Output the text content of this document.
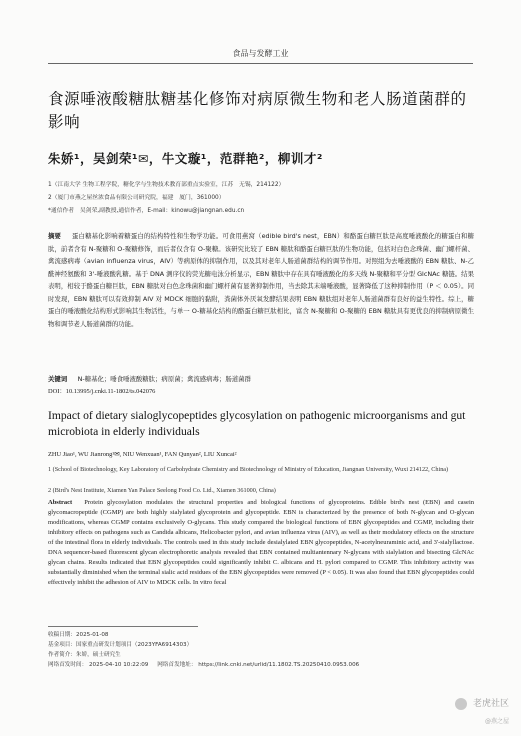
食品与发酵工业
食源唾液酸糖肽糖基化修饰对病原微生物和老人肠道菌群的影响
朱娇¹，吴剑荣¹✉，牛文璇¹，范群艳²，柳训才²
1（江南大学 生物工程学院，糖化学与生物技术教育部重点实验室，江苏　无锡，214122）
2（厦门市燕之屋丝浓食品有限公司研究院，福建　厦门，361000）
*通信作者　吴剑荣,副教授,通信作者，E-mail：kinowu@jiangnan.edu.cn
摘要 　 蛋白糖基化影响着糖蛋白的结构特性和生物学功能。可食用燕窝（edible bird's nest，EBN）和酪蛋白糖巨肽是高度唾液酸化的糖蛋白和糖肽，前者含有 N-聚糖和 O-聚糖修饰，而后者仅含有 O-聚糖。该研究比较了 EBN 糖肽和酪蛋白糖巨肽的生物功能，包括对白色念珠菌、幽门螺杆菌、禽流感病毒（avian influenza virus，AIV）等病原体的抑制作用，以及其对老年人肠道菌群结构的调节作用。对照组为去唾液酸的 EBN 糖肽、N-乙酰神经氨酸和 3'-唾液酸乳糖。基于 DNA 测序仪的荧光糖电泳分析显示，EBN 糖肽中存在具有唾液酸化的多天线 N-聚糖和平分型 GlcNAc 糖链。结果表明，相较于酪蛋白糖巨肽，EBN 糖肽对白色念珠菌和幽门螺杆菌有显著抑制作用，当去除其末端唾液酸，显著降低了这种抑制作用（P ＜ 0.05）。同时发现，EBN 糖肽可以有效抑制 AIV 对 MDCK 细胞的黏附，粪菌体外厌氧发酵结果表明 EBN 糖肽组对老年人肠道菌群有良好的益生特性。综上，糖蛋白的唾液酸化结构形式影响其生物活性，与单一 O-糖基化结构的酪蛋白糖巨肽相比，富含 N-聚糖和 O-聚糖的 EBN 糖肽具有更优良的抑制病原微生物和调节老人肠道菌群的功能。
关键词 　 N-糖基化；唾食唾液酸糖肽；病原菌；禽流感病毒；肠道菌群
DOI：10.13995/j.cnki.11-1802/ts.042076
Impact of dietary sialoglycopeptides glycosylation on pathogenic microorganisms and gut microbiota in elderly individuals
ZHU Jiao¹, WU Jianrong¹✉, NIU Wenxuan¹, FAN Qunyan², LIU Xuncai²
1 (School of Biotechnology, Key Laboratory of Carbohydrate Chemistry and Biotechnology of Ministry of Education, Jiangnan University, Wuxi 214122, China)
2 (Bird's Nest Institute, Xiamen Yan Palace Seelong Food Co. Ltd., Xiamen 361000, China)
Abstract Protein glycosylation modulates the structural properties and biological functions of glycoproteins. Edible bird's nest (EBN) and casein glycomacropeptide (CGMP) are both highly sialylated glycoprotein and glycopeptide. EBN is characterized by the presence of both N-glycan and O-glycan modifications, whereas CGMP contains exclusively O-glycans. This study compared the biological functions of EBN glycopeptides and CGMP, including their inhibitory effects on pathogens such as Candida albicans, Helicobacter pylori, and avian influenza virus (AIV), as well as their modulatory effects on the structure of the intestinal flora in elderly individuals. The controls used in this study include desialylated EBN glycopeptides, N-acetylneuraminic acid, and 3'-sialyllactose. DNA sequencer-based fluorescent glycan electrophoretic analysis revealed that EBN contained multiantennary N-glycans with sialylation and bisecting GlcNAc glycan chains. Results indicated that EBN glycopeptides could significantly inhibit C. albicans and H. pylori compared to CGMP. This inhibitory activity was substantially diminished when the terminal sialic acid residues of the EBN glycopeptides were removed (P < 0.05). It was also found that EBN glycopeptides could effectively inhibit the adhesion of AIV to MDCK cells. In vitro fecal
收稿日期：2025-01-08
基金项目：国家重点研发计划项目（2023YFA6914303）
作者简介：朱娇，硕士研究生
网络首发时间： 2025-04-10 10:22:09 网络首发地址： https://link.cnki.net/urlid/11.1802.TS.20250410.0953.006
老虎社区
@燕之屋
